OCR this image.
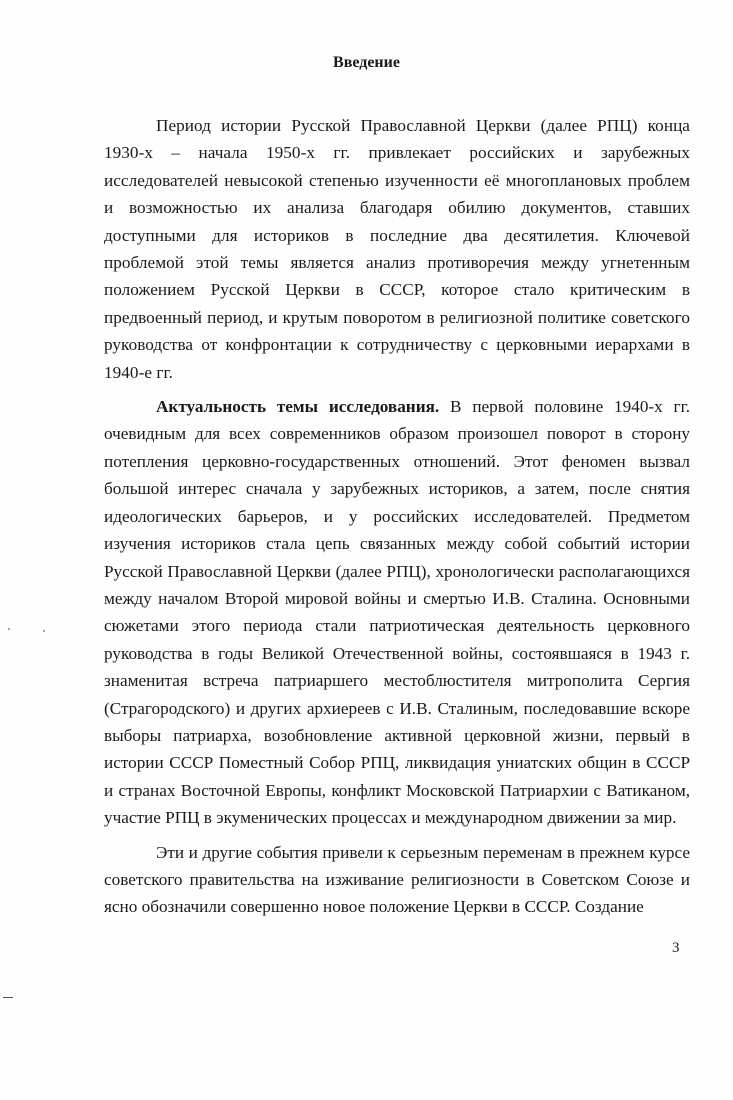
Введение

Период истории Русской Православной Церкви (далее РПЦ) конца 1930-х – начала 1950-х гг. привлекает российских и зарубежных исследователей невысокой степенью изученности её многоплановых проблем и возможностью их анализа благодаря обилию документов, ставших доступными для историков в последние два десятилетия. Ключевой проблемой этой темы является анализ противоречия между угнетенным положением Русской Церкви в СССР, которое стало критическим в предвоенный период, и крутым поворотом в религиозной политике советского руководства от конфронтации к сотрудничеству с церковными иерархами в 1940-е гг.

Актуальность темы исследования. В первой половине 1940-х гг. очевидным для всех современников образом произошел поворот в сторону потепления церковно-государственных отношений. Этот феномен вызвал большой интерес сначала у зарубежных историков, а затем, после снятия идеологических барьеров, и у российских исследователей. Предметом изучения историков стала цепь связанных между собой событий истории Русской Православной Церкви (далее РПЦ), хронологически располагающихся между началом Второй мировой войны и смертью И.В. Сталина. Основными сюжетами этого периода стали патриотическая деятельность церковного руководства в годы Великой Отечественной войны, состоявшаяся в 1943 г. знаменитая встреча патриаршего местоблюстителя митрополита Сергия (Страгородского) и других архиереев с И.В. Сталиным, последовавшие вскоре выборы патриарха, возобновление активной церковной жизни, первый в истории СССР Поместный Собор РПЦ, ликвидация униатских общин в СССР и странах Восточной Европы, конфликт Московской Патриархии с Ватиканом, участие РПЦ в экуменических процессах и международном движении за мир.

Эти и другие события привели к серьезным переменам в прежнем курсе советского правительства на изживание религиозности в Советском Союзе и ясно обозначили совершенно новое положение Церкви в СССР. Создание

3
